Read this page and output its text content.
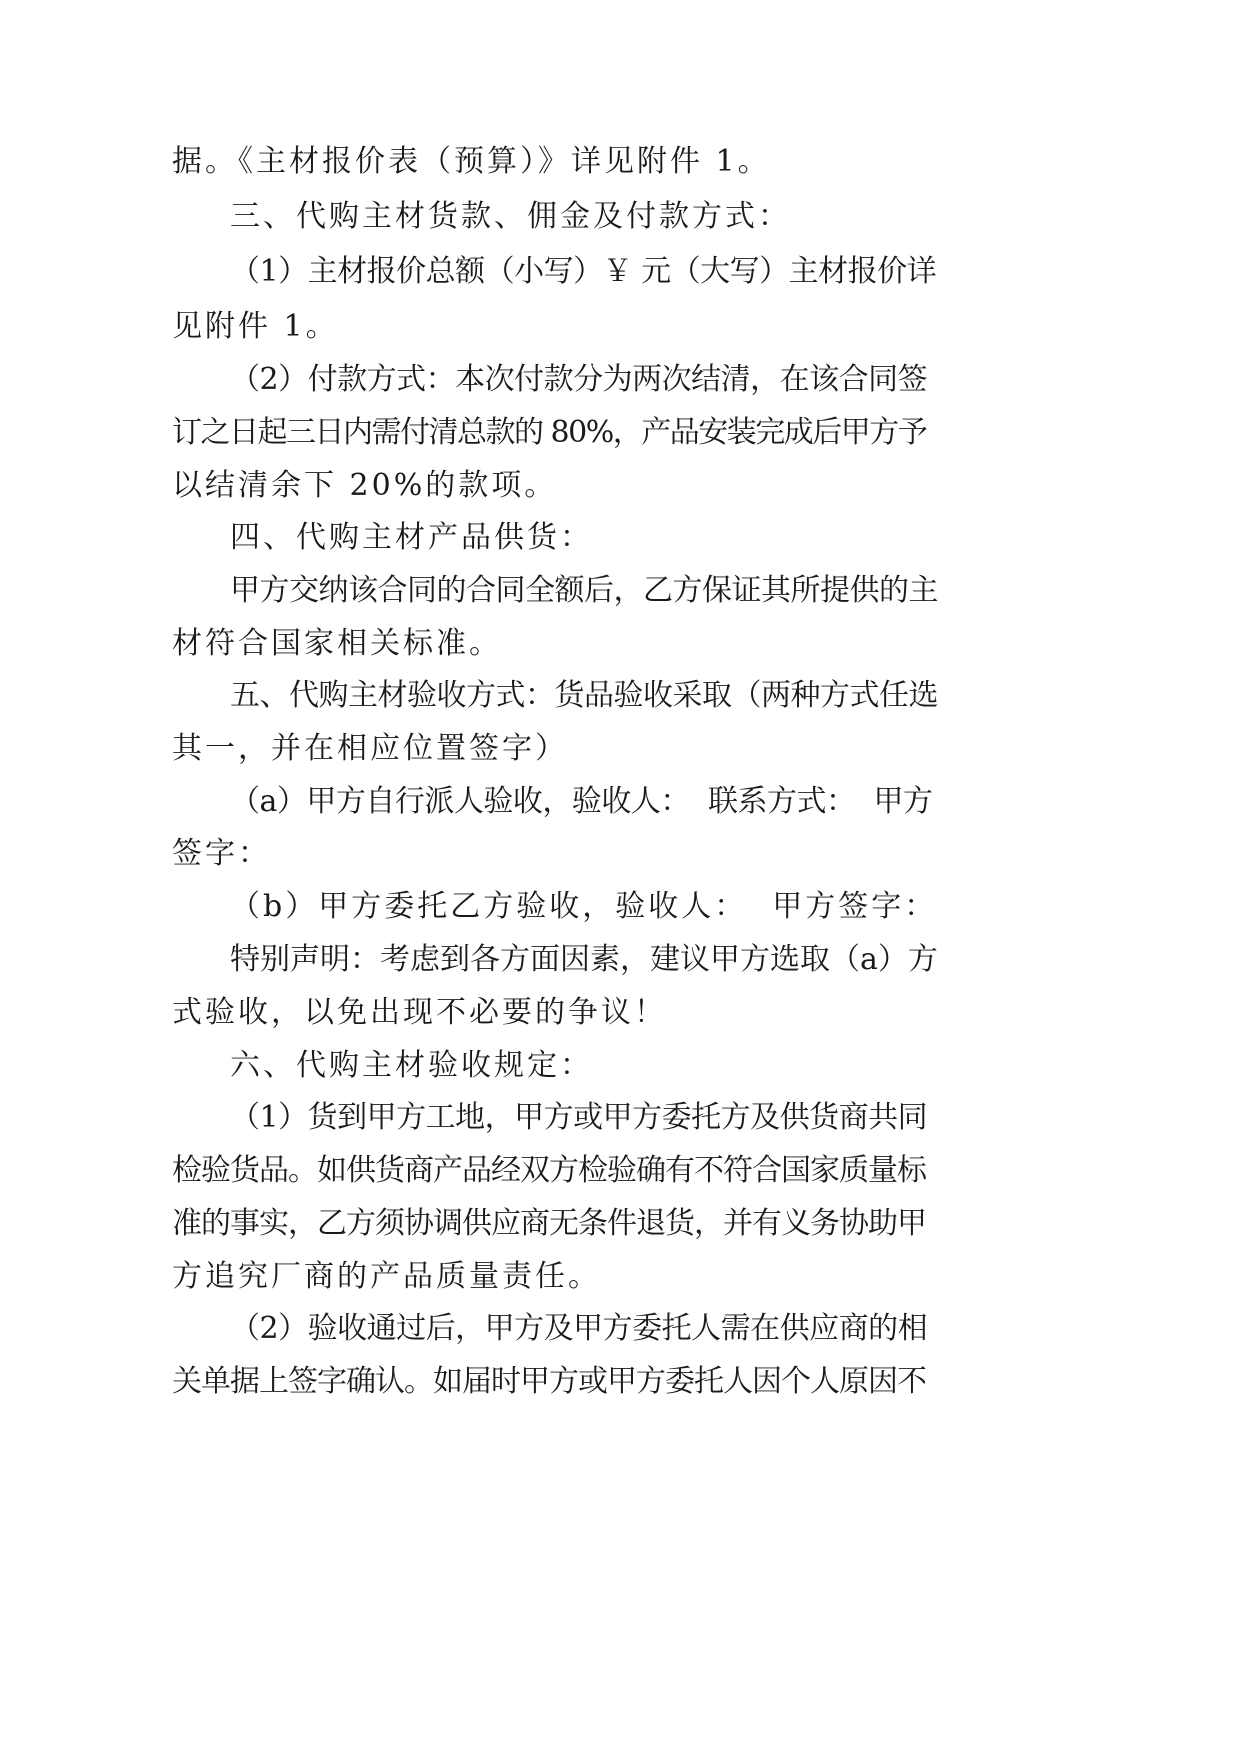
据。《主材报价表（预算）》详见附件 1。
三、代购主材货款、佣金及付款方式：
（1）主材报价总额（小写）￥ 元（大写）主材报价详
见附件 1。
（2）付款方式：本次付款分为两次结清，在该合同签
订之日起三日内需付清总款的 80%，产品安装完成后甲方予
以结清余下 20%的款项。
四、代购主材产品供货：
甲方交纳该合同的合同全额后，乙方保证其所提供的主
材符合国家相关标准。
五、代购主材验收方式：货品验收采取（两种方式任选
其一，并在相应位置签字）
（a）甲方自行派人验收，验收人：  联系方式：  甲方
签字：
（b）甲方委托乙方验收，验收人：  甲方签字：
特别声明：考虑到各方面因素，建议甲方选取（a）方
式验收，以免出现不必要的争议！
六、代购主材验收规定：
（1）货到甲方工地，甲方或甲方委托方及供货商共同
检验货品。如供货商产品经双方检验确有不符合国家质量标
准的事实，乙方须协调供应商无条件退货，并有义务协助甲
方追究厂商的产品质量责任。
（2）验收通过后，甲方及甲方委托人需在供应商的相
关单据上签字确认。如届时甲方或甲方委托人因个人原因不
